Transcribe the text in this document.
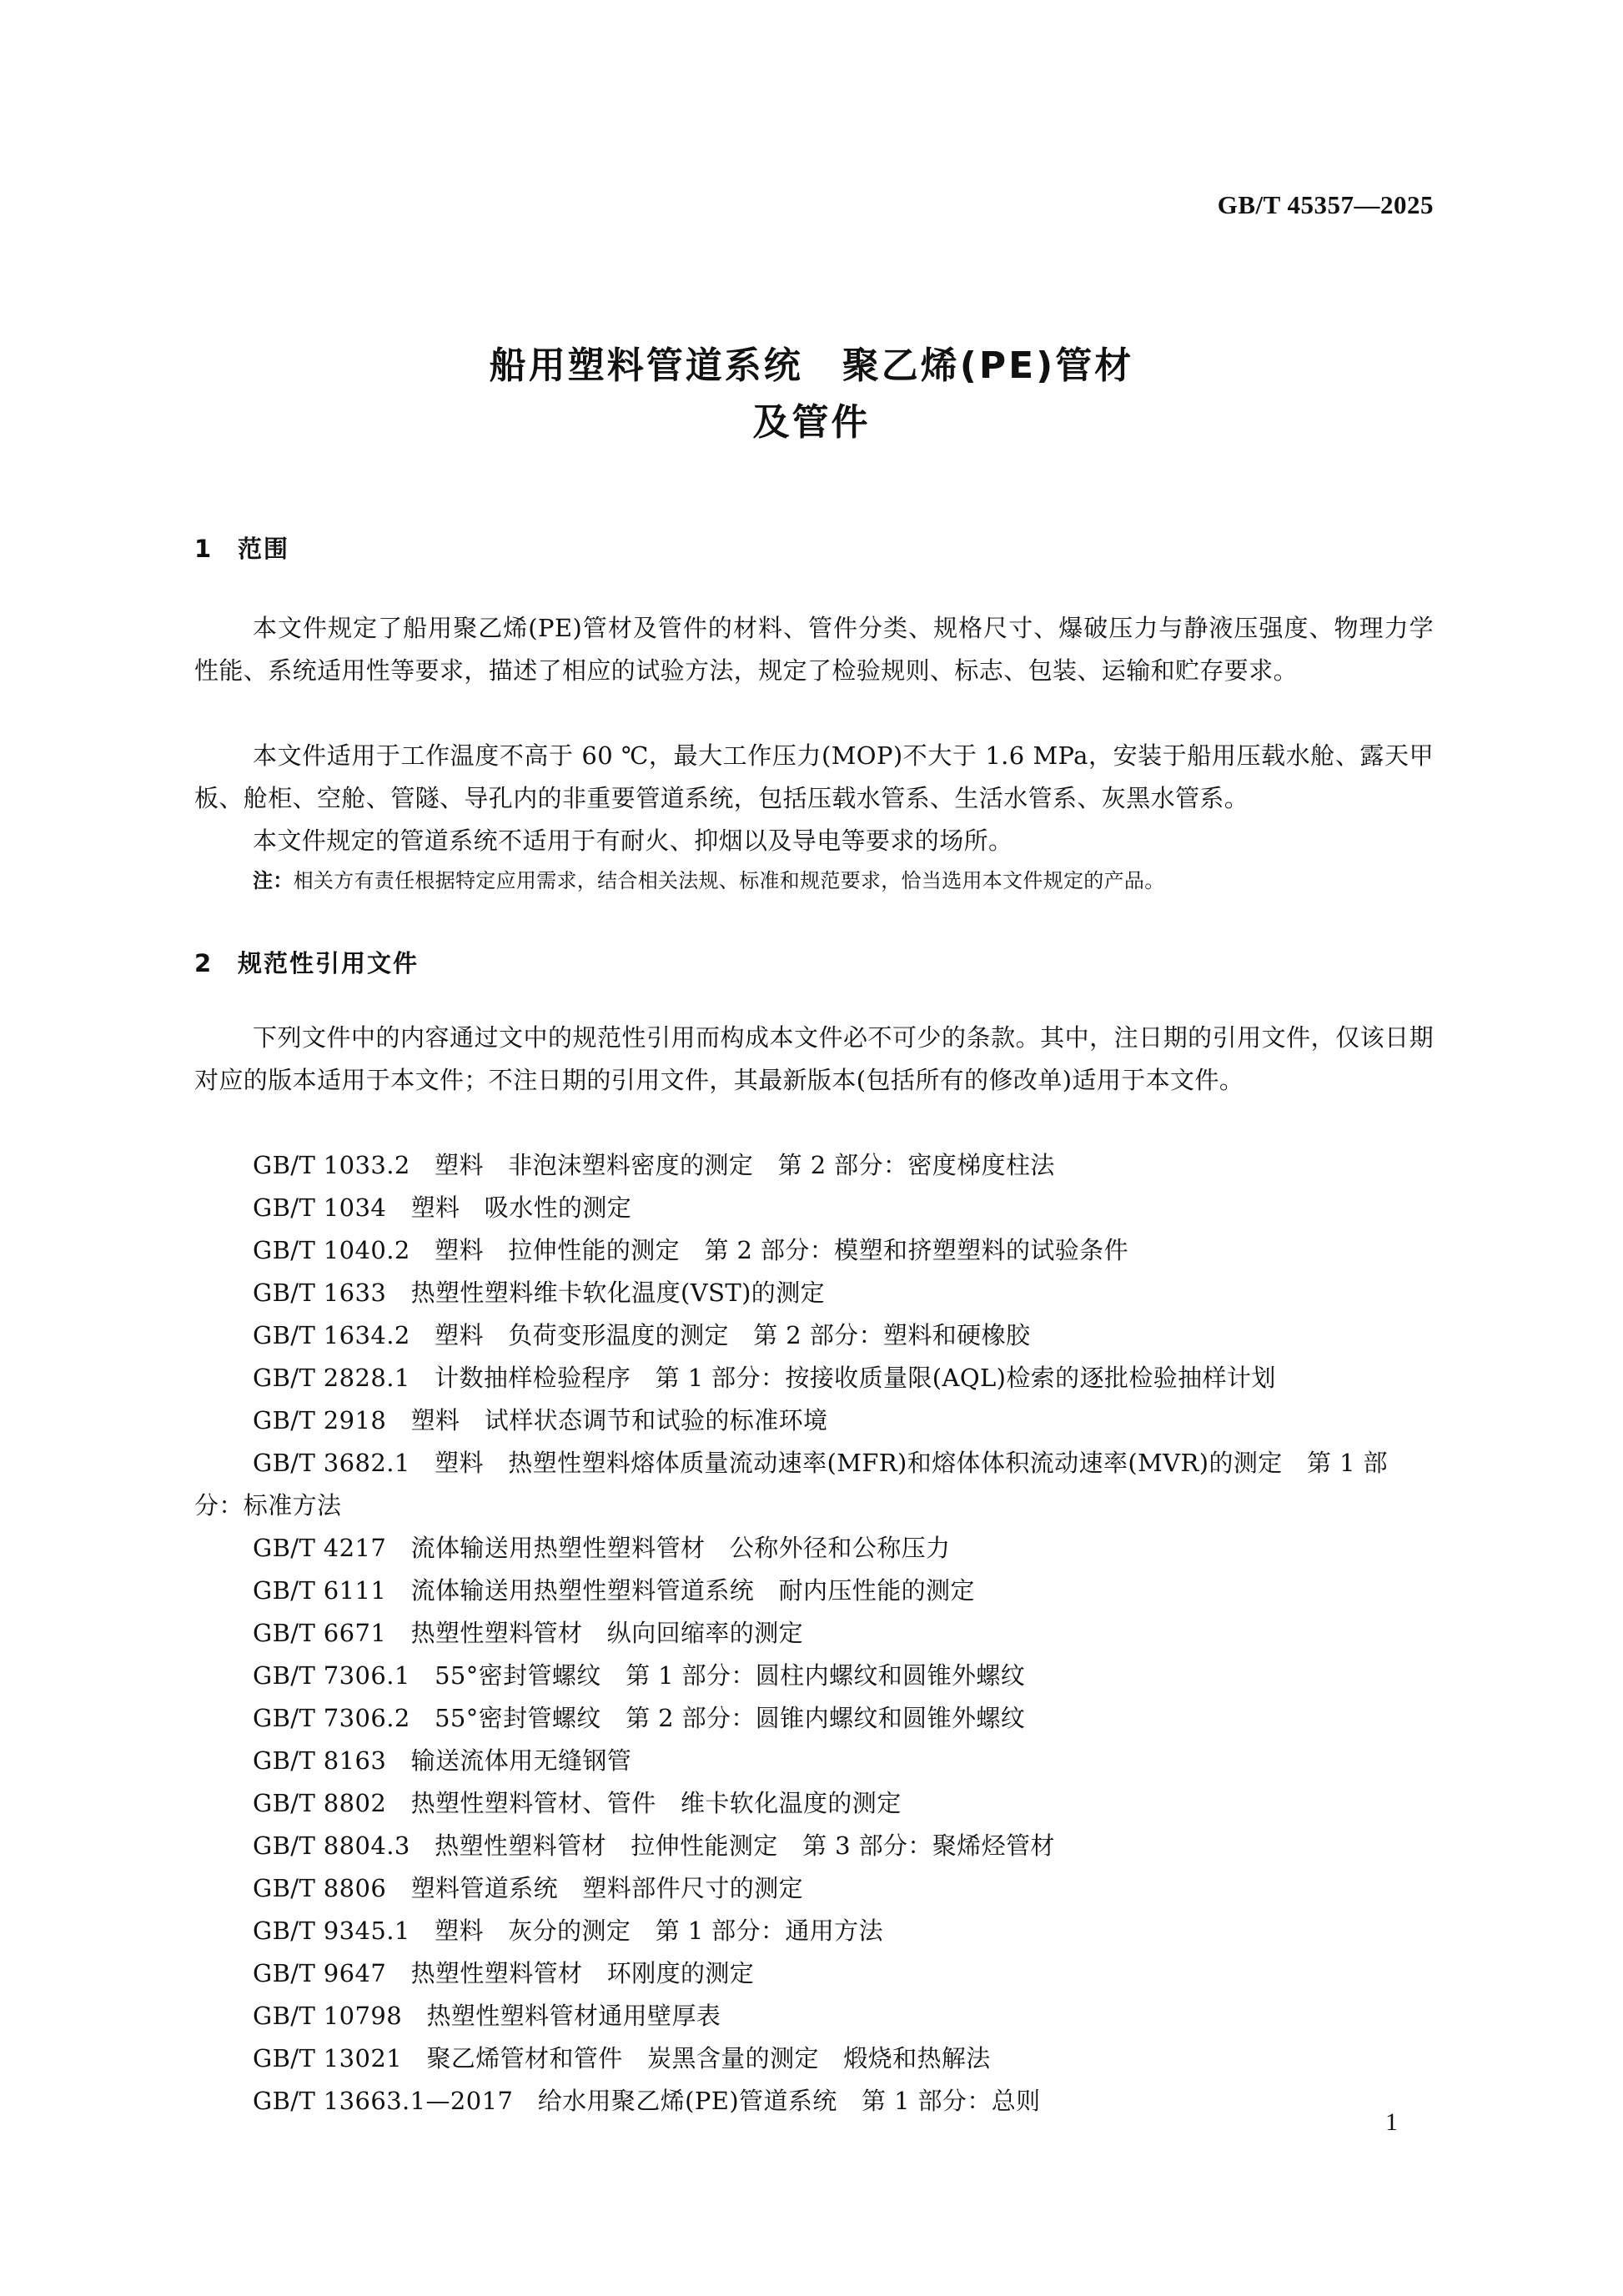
GB/T 45357—2025
船用塑料管道系统　聚乙烯(PE)管材
及管件
1 范围

本文件规定了船用聚乙烯(PE)管材及管件的材料、管件分类、规格尺寸、爆破压力与静液压强度、物理力学性能、系统适用性等要求，描述了相应的试验方法，规定了检验规则、标志、包装、运输和贮存要求。

本文件适用于工作温度不高于 60 ℃，最大工作压力(MOP)不大于 1.6 MPa，安装于船用压载水舱、露天甲板、舱柜、空舱、管隧、导孔内的非重要管道系统，包括压载水管系、生活水管系、灰黑水管系。

本文件规定的管道系统不适用于有耐火、抑烟以及导电等要求的场所。

注：相关方有责任根据特定应用需求，结合相关法规、标准和规范要求，恰当选用本文件规定的产品。

2 规范性引用文件

下列文件中的内容通过文中的规范性引用而构成本文件必不可少的条款。其中，注日期的引用文件，仅该日期对应的版本适用于本文件；不注日期的引用文件，其最新版本(包括所有的修改单)适用于本文件。

GB/T 1033.2　塑料　非泡沫塑料密度的测定　第 2 部分：密度梯度柱法
GB/T 1034　塑料　吸水性的测定
GB/T 1040.2　塑料　拉伸性能的测定　第 2 部分：模塑和挤塑塑料的试验条件
GB/T 1633　热塑性塑料维卡软化温度(VST)的测定
GB/T 1634.2　塑料　负荷变形温度的测定　第 2 部分：塑料和硬橡胶
GB/T 2828.1　计数抽样检验程序　第 1 部分：按接收质量限(AQL)检索的逐批检验抽样计划
GB/T 2918　塑料　试样状态调节和试验的标准环境
GB/T 3682.1　塑料　热塑性塑料熔体质量流动速率(MFR)和熔体体积流动速率(MVR)的测定　第 1 部分：标准方法
GB/T 4217　流体输送用热塑性塑料管材　公称外径和公称压力
GB/T 6111　流体输送用热塑性塑料管道系统　耐内压性能的测定
GB/T 6671　热塑性塑料管材　纵向回缩率的测定
GB/T 7306.1　55°密封管螺纹　第 1 部分：圆柱内螺纹和圆锥外螺纹
GB/T 7306.2　55°密封管螺纹　第 2 部分：圆锥内螺纹和圆锥外螺纹
GB/T 8163　输送流体用无缝钢管
GB/T 8802　热塑性塑料管材、管件　维卡软化温度的测定
GB/T 8804.3　热塑性塑料管材　拉伸性能测定　第 3 部分：聚烯烃管材
GB/T 8806　塑料管道系统　塑料部件尺寸的测定
GB/T 9345.1　塑料　灰分的测定　第 1 部分：通用方法
GB/T 9647　热塑性塑料管材　环刚度的测定
GB/T 10798　热塑性塑料管材通用壁厚表
GB/T 13021　聚乙烯管材和管件　炭黑含量的测定　煅烧和热解法
GB/T 13663.1—2017　给水用聚乙烯(PE)管道系统　第 1 部分：总则
1
